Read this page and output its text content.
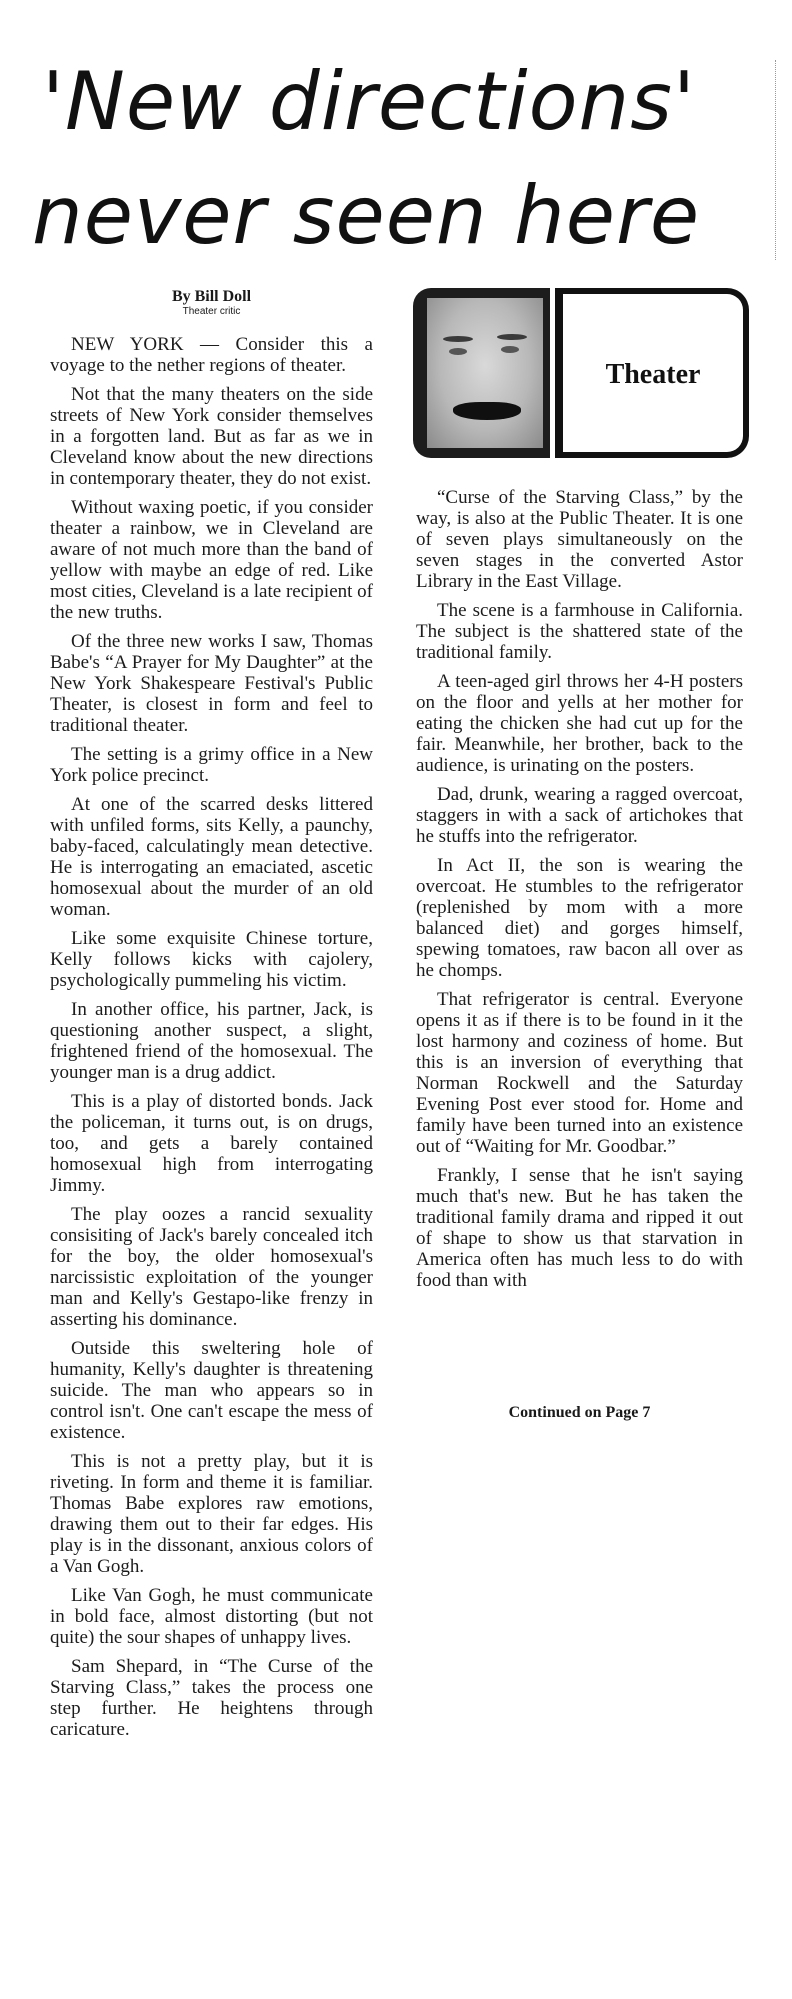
'New directions'
never seen here
By Bill Doll
Theater critic
Theater

NEW YORK — Consider this a voyage to the nether regions of theater.

Not that the many theaters on the side streets of New York consider themselves in a forgotten land. But as far as we in Cleveland know about the new directions in contemporary theater, they do not exist.

Without waxing poetic, if you consider theater a rainbow, we in Cleveland are aware of not much more than the band of yellow with maybe an edge of red. Like most cities, Cleveland is a late recipient of the new truths.

Of the three new works I saw, Thomas Babe's “A Prayer for My Daughter” at the New York Shakespeare Festival's Public Theater, is closest in form and feel to traditional theater.

The setting is a grimy office in a New York police precinct.

At one of the scarred desks littered with unfiled forms, sits Kelly, a paunchy, baby-faced, calculatingly mean detective. He is interrogating an emaciated, ascetic homosexual about the murder of an old woman.

Like some exquisite Chinese torture, Kelly follows kicks with cajolery, psychologically pummeling his victim.

In another office, his partner, Jack, is questioning another suspect, a slight, frightened friend of the homosexual. The younger man is a drug addict.

This is a play of distorted bonds. Jack the policeman, it turns out, is on drugs, too, and gets a barely contained homosexual high from interrogating Jimmy.

The play oozes a rancid sexuality consisiting of Jack's barely concealed itch for the boy, the older homosexual's narcissistic exploitation of the younger man and Kelly's Gestapo-like frenzy in asserting his dominance.

Outside this sweltering hole of humanity, Kelly's daughter is threatening suicide. The man who appears so in control isn't. One can't escape the mess of existence.

This is not a pretty play, but it is riveting. In form and theme it is familiar. Thomas Babe explores raw emotions, drawing them out to their far edges. His play is in the dissonant, anxious colors of a Van Gogh.

Like Van Gogh, he must communicate in bold face, almost distorting (but not quite) the sour shapes of unhappy lives.

Sam Shepard, in “The Curse of the Starving Class,” takes the process one step further. He heightens through caricature.

“Curse of the Starving Class,” by the way, is also at the Public Theater. It is one of seven plays simultaneously on the seven stages in the converted Astor Library in the East Village.

The scene is a farmhouse in California. The subject is the shattered state of the traditional family.

A teen-aged girl throws her 4-H posters on the floor and yells at her mother for eating the chicken she had cut up for the fair. Meanwhile, her brother, back to the audience, is urinating on the posters.

Dad, drunk, wearing a ragged overcoat, staggers in with a sack of artichokes that he stuffs into the refrigerator.

In Act II, the son is wearing the overcoat. He stumbles to the refrigerator (replenished by mom with a more balanced diet) and gorges himself, spewing tomatoes, raw bacon all over as he chomps.

That refrigerator is central. Everyone opens it as if there is to be found in it the lost harmony and coziness of home. But this is an inversion of everything that Norman Rockwell and the Saturday Evening Post ever stood for. Home and family have been turned into an existence out of “Waiting for Mr. Goodbar.”

Frankly, I sense that he isn't saying much that's new. But he has taken the traditional family drama and ripped it out of shape to show us that starvation in America often has much less to do with food than with

Continued on Page 7
